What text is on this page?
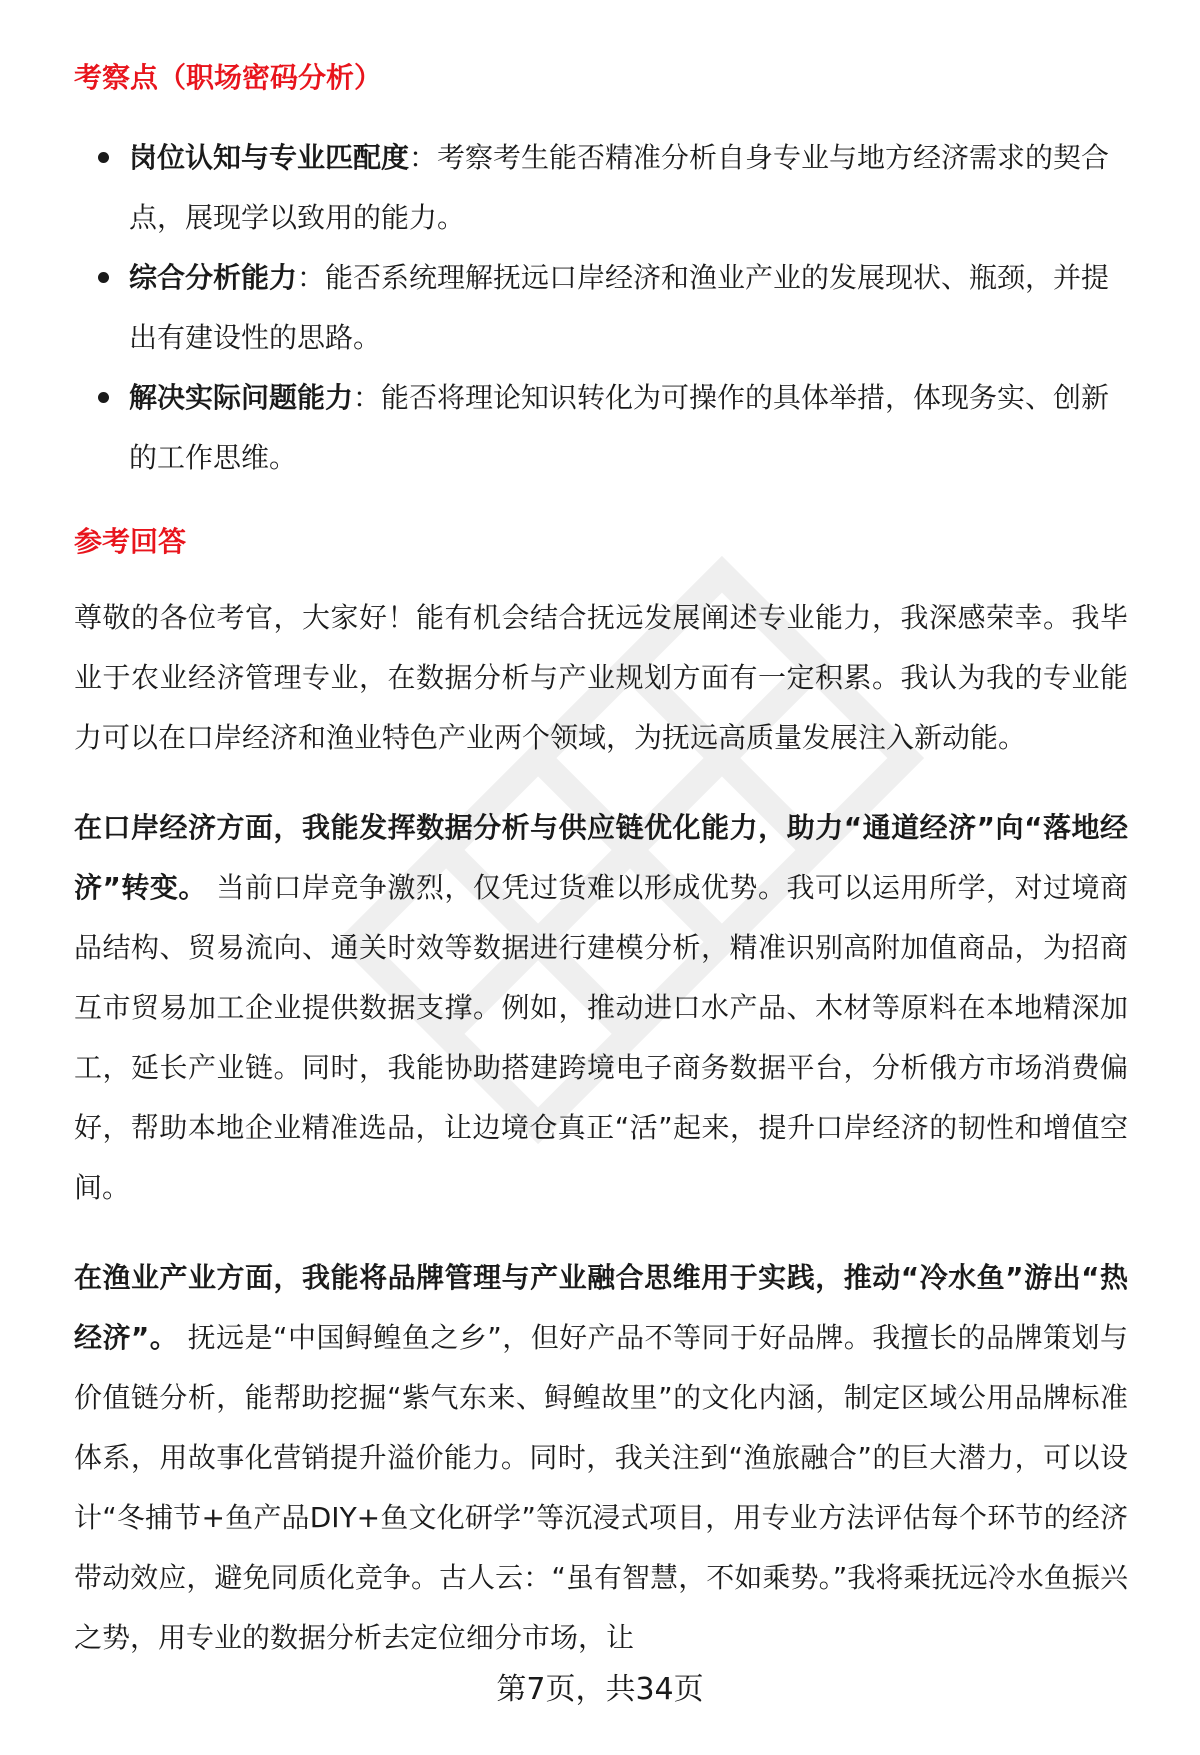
考察点（职场密码分析）
岗位认知与专业匹配度：考察考生能否精准分析自身专业与地方经济需求的契合点，展现学以致用的能力。
综合分析能力：能否系统理解抚远口岸经济和渔业产业的发展现状、瓶颈，并提出有建设性的思路。
解决实际问题能力：能否将理论知识转化为可操作的具体举措，体现务实、创新的工作思维。
参考回答

尊敬的各位考官，大家好！能有机会结合抚远发展阐述专业能力，我深感荣幸。我毕业于农业经济管理专业，在数据分析与产业规划方面有一定积累。我认为我的专业能力可以在口岸经济和渔业特色产业两个领域，为抚远高质量发展注入新动能。

在口岸经济方面，我能发挥数据分析与供应链优化能力，助力“通道经济”向“落地经济”转变。 当前口岸竞争激烈，仅凭过货难以形成优势。我可以运用所学，对过境商品结构、贸易流向、通关时效等数据进行建模分析，精准识别高附加值商品，为招商互市贸易加工企业提供数据支撑。例如，推动进口水产品、木材等原料在本地精深加工，延长产业链。同时，我能协助搭建跨境电子商务数据平台，分析俄方市场消费偏好，帮助本地企业精准选品，让边境仓真正“活”起来，提升口岸经济的韧性和增值空间。

在渔业产业方面，我能将品牌管理与产业融合思维用于实践，推动“冷水鱼”游出“热经济”。 抚远是“中国鲟鳇鱼之乡”，但好产品不等同于好品牌。我擅长的品牌策划与价值链分析，能帮助挖掘“紫气东来、鲟鳇故里”的文化内涵，制定区域公用品牌标准体系，用故事化营销提升溢价能力。同时，我关注到“渔旅融合”的巨大潜力，可以设计“冬捕节+鱼产品DIY+鱼文化研学”等沉浸式项目，用专业方法评估每个环节的经济带动效应，避免同质化竞争。古人云：“虽有智慧，不如乘势。”我将乘抚远冷水鱼振兴之势，用专业的数据分析去定位细分市场，让

第7页，共34页
